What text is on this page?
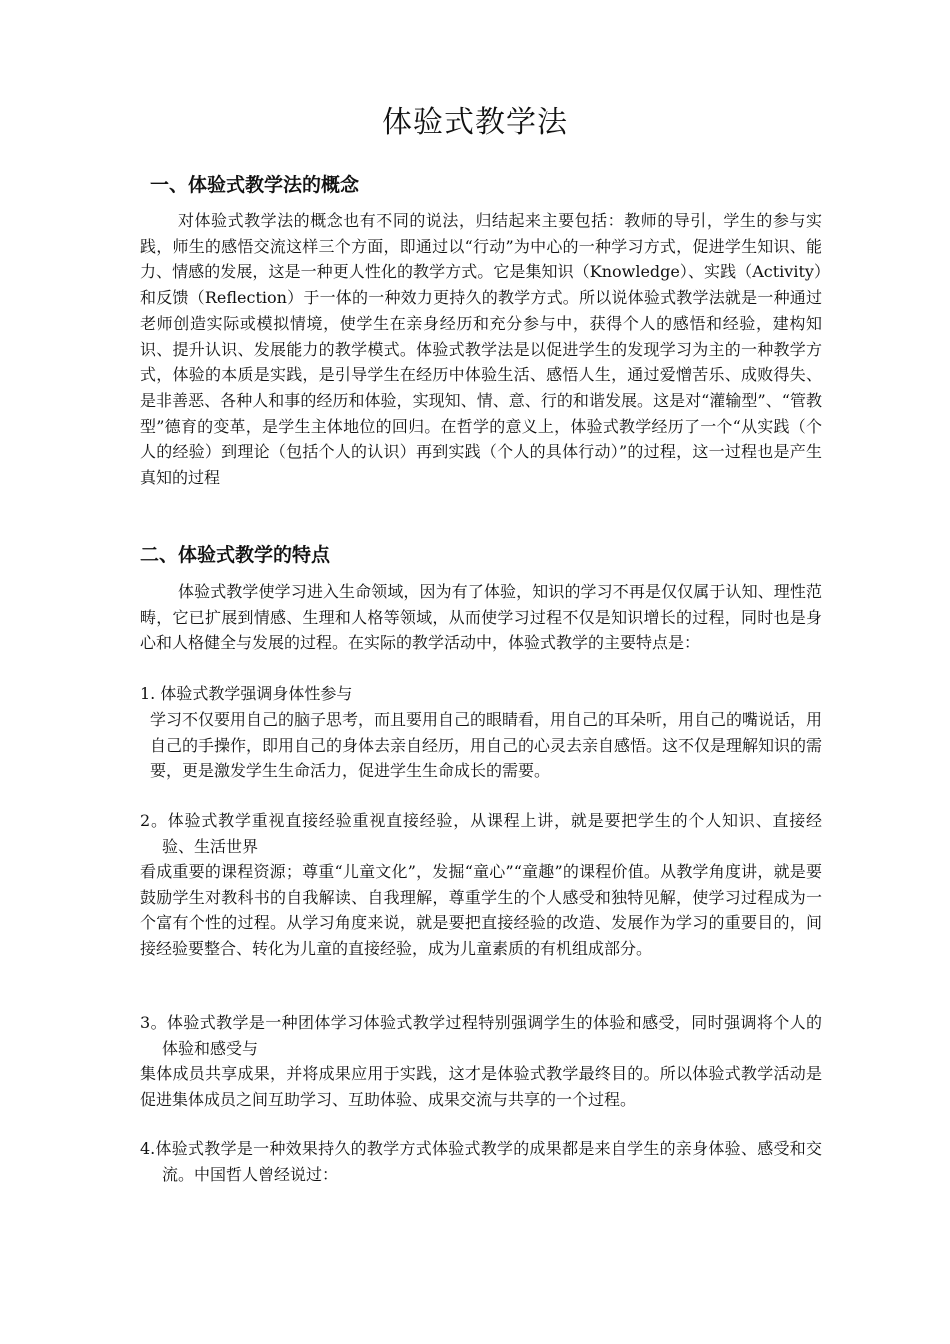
体验式教学法
一、体验式教学法的概念
对体验式教学法的概念也有不同的说法，归结起来主要包括：教师的导引，学生的参与实践，师生的感悟交流这样三个方面，即通过以“行动”为中心的一种学习方式，促进学生知识、能力、情感的发展，这是一种更人性化的教学方式。它是集知识（Knowledge）、实践（Activity）和反馈（Reflection）于一体的一种效力更持久的教学方式。所以说体验式教学法就是一种通过老师创造实际或模拟情境，使学生在亲身经历和充分参与中，获得个人的感悟和经验，建构知识、提升认识、发展能力的教学模式。体验式教学法是以促进学生的发现学习为主的一种教学方式，体验的本质是实践，是引导学生在经历中体验生活、感悟人生，通过爱憎苦乐、成败得失、是非善恶、各种人和事的经历和体验，实现知、情、意、行的和谐发展。这是对“灌输型”、“管教型”德育的变革，是学生主体地位的回归。在哲学的意义上，体验式教学经历了一个“从实践（个人的经验）到理论（包括个人的认识）再到实践（个人的具体行动）”的过程，这一过程也是产生真知的过程
二、体验式教学的特点
体验式教学使学习进入生命领域，因为有了体验，知识的学习不再是仅仅属于认知、理性范畴，它已扩展到情感、生理和人格等领域，从而使学习过程不仅是知识增长的过程，同时也是身心和人格健全与发展的过程。在实际的教学活动中，体验式教学的主要特点是：
1. 体验式教学强调身体性参与
学习不仅要用自己的脑子思考，而且要用自己的眼睛看，用自己的耳朵听，用自己的嘴说话，用自己的手操作，即用自己的身体去亲自经历，用自己的心灵去亲自感悟。这不仅是理解知识的需要，更是激发学生生命活力，促进学生生命成长的需要。
2。体验式教学重视直接经验重视直接经验，从课程上讲，就是要把学生的个人知识、直接经验、生活世界
看成重要的课程资源；尊重“儿童文化”，发掘“童心”“童趣”的课程价值。从教学角度讲，就是要鼓励学生对教科书的自我解读、自我理解，尊重学生的个人感受和独特见解，使学习过程成为一个富有个性的过程。从学习角度来说，就是要把直接经验的改造、发展作为学习的重要目的，间接经验要整合、转化为儿童的直接经验，成为儿童素质的有机组成部分。
3。体验式教学是一种团体学习体验式教学过程特别强调学生的体验和感受，同时强调将个人的体验和感受与
集体成员共享成果，并将成果应用于实践，这才是体验式教学最终目的。所以体验式教学活动是促进集体成员之间互助学习、互助体验、成果交流与共享的一个过程。
4.体验式教学是一种效果持久的教学方式体验式教学的成果都是来自学生的亲身体验、感受和交流。中国哲人曾经说过：
